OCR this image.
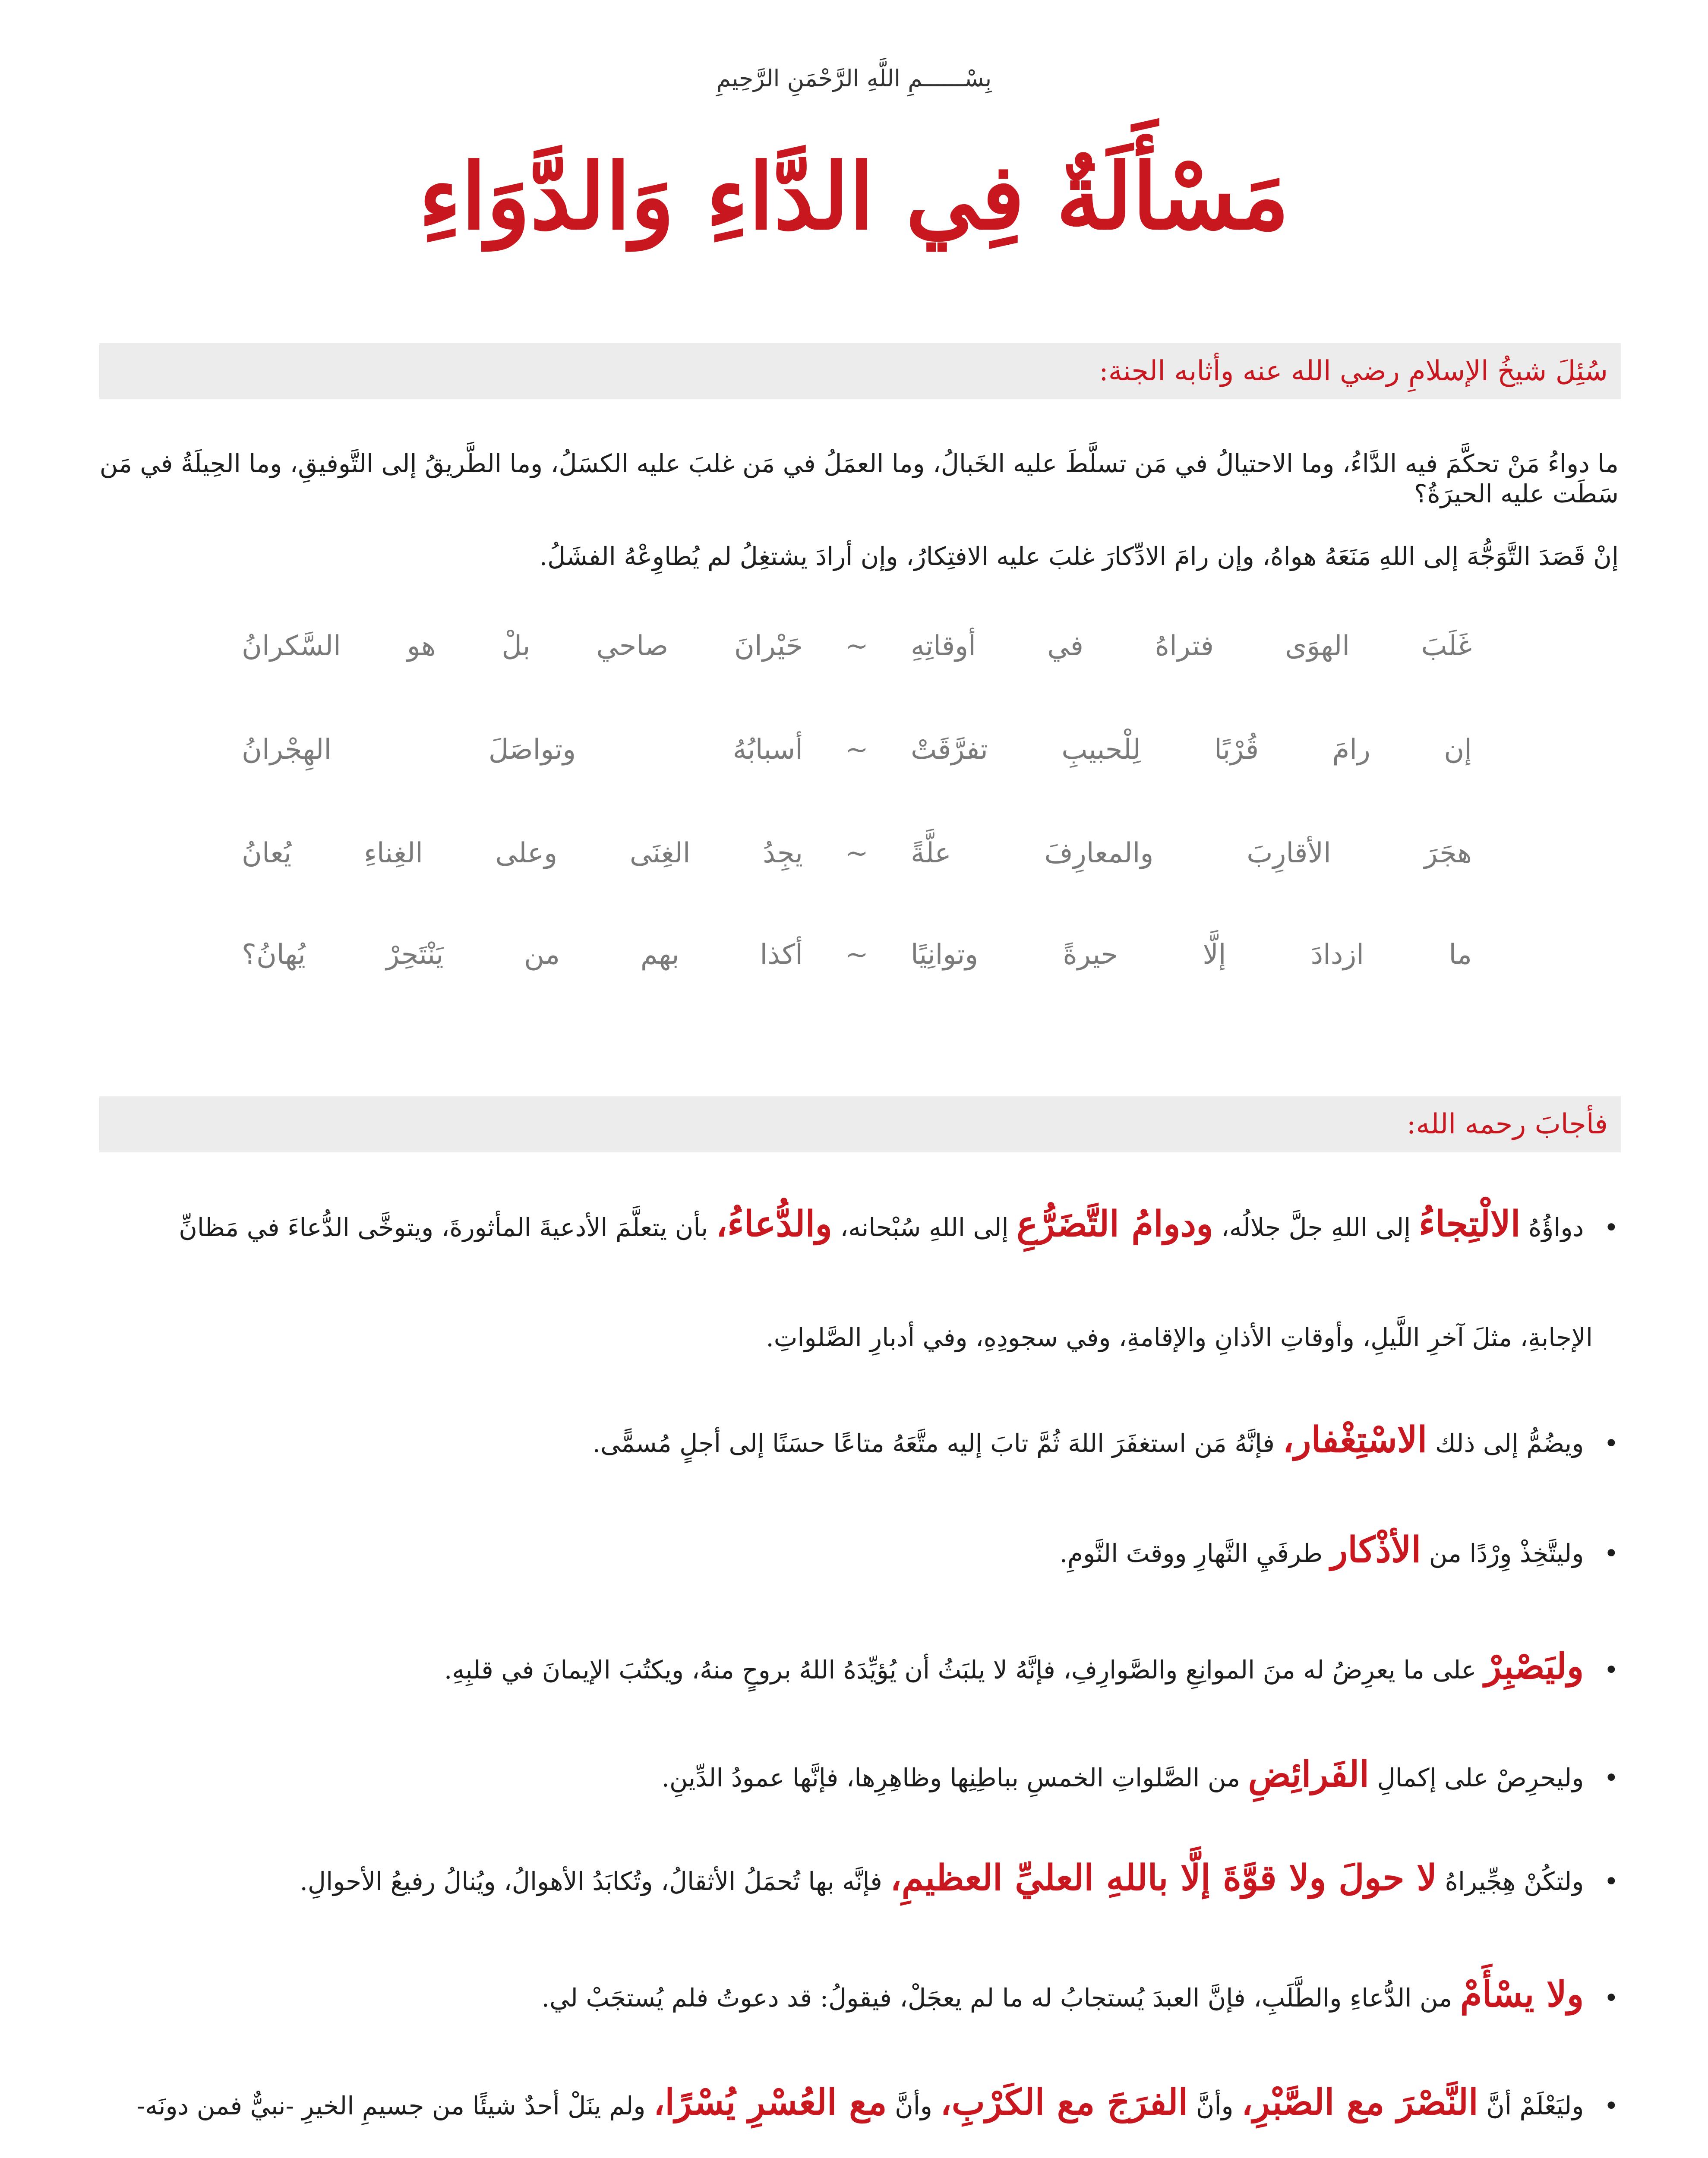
بِسْــــــمِ اللَّهِ الرَّحْمَنِ الرَّحِيمِ
مَسْأَلَةٌ فِي الدَّاءِ وَالدَّوَاءِ
سُئِلَ شيخُ الإسلامِ رضي الله عنه وأثابه الجنة:
ما دواءُ مَنْ تحكَّمَ فيه الدَّاءُ، وما الاحتيالُ في مَن تسلَّطَ عليه الخَبالُ، وما العمَلُ في مَن غلبَ عليه الكسَلُ، وما الطَّريقُ إلى التَّوفيقِ، وما الحِيلَةُ في مَن سَطَت عليه الحيرَةُ؟
إنْ قَصَدَ التَّوَجُّهَ إلى اللهِ مَنَعَهُ هواهُ، وإن رامَ الادِّكارَ غلبَ عليه الافتِكارُ، وإن أرادَ يشتغِلُ لم يُطاوِعْهُ الفشَلُ.
غَلَبَ الهوَى فتراهُ في أوقاتِهِ
~
حَيْرانَ صاحي بلْ هو السَّكرانُ
إن رامَ قُرْبًا لِلْحبيبِ تفرَّقَتْ
~
أسبابُهُ وتواصَلَ الهِجْرانُ
هجَرَ الأقارِبَ والمعارِفَ علَّةً
~
يجِدُ الغِنَى وعلى الغِناءِ يُعانُ
ما ازدادَ إلَّا حيرةً وتوانِيًا
~
أكذا بهم من يَنْتَحِرْ يُهانُ؟
فأجابَ رحمه الله:
• دواؤُهُ الالْتِجاءُ إلى اللهِ جلَّ جلالُه، ودوامُ التَّضَرُّعِ إلى اللهِ سُبْحانه، والدُّعاءُ، بأن يتعلَّمَ الأدعيةَ المأثورةَ، ويتوخَّى الدُّعاءَ في مَظانِّ
الإجابةِ، مثلَ آخرِ اللَّيلِ، وأوقاتِ الأذانِ والإقامةِ، وفي سجودِهِ، وفي أدبارِ الصَّلواتِ.
• ويضُمُّ إلى ذلك الاسْتِغْفار، فإنَّهُ مَن استغفَرَ اللهَ ثُمَّ تابَ إليه متَّعَهُ متاعًا حسَنًا إلى أجلٍ مُسمًّى.
• وليتَّخِذْ وِرْدًا من الأذْكار طرفَيِ النَّهارِ ووقتَ النَّومِ.
• وليَصْبِرْ على ما يعرِضُ له منَ الموانِعِ والصَّوارِفِ، فإنَّهُ لا يلبَثُ أن يُؤيِّدَهُ اللهُ بروحٍ منهُ، ويكتُبَ الإيمانَ في قلبِهِ.
• وليحرِصْ على إكمالِ الفَرائِضِ من الصَّلواتِ الخمسِ بباطِنِها وظاهِرِها، فإنَّها عمودُ الدِّينِ.
• ولتكُنْ هِجِّيراهُ لا حولَ ولا قوَّةَ إلَّا باللهِ العليِّ العظيمِ، فإنَّه بها تُحمَلُ الأثقالُ، وتُكابَدُ الأهوالُ، ويُنالُ رفيعُ الأحوالِ.
• ولا يسْأَمْ من الدُّعاءِ والطَّلَبِ، فإنَّ العبدَ يُستجابُ له ما لم يعجَلْ، فيقولُ: قد دعوتُ فلم يُستجَبْ لي.
• وليَعْلَمْ أنَّ النَّصْرَ مع الصَّبْرِ، وأنَّ الفرَجَ مع الكَرْبِ، وأنَّ مع العُسْرِ يُسْرًا، ولم ينَلْ أحدٌ شيئًا من جسيمِ الخيرِ -نبيٌّ فمن دونَه-
